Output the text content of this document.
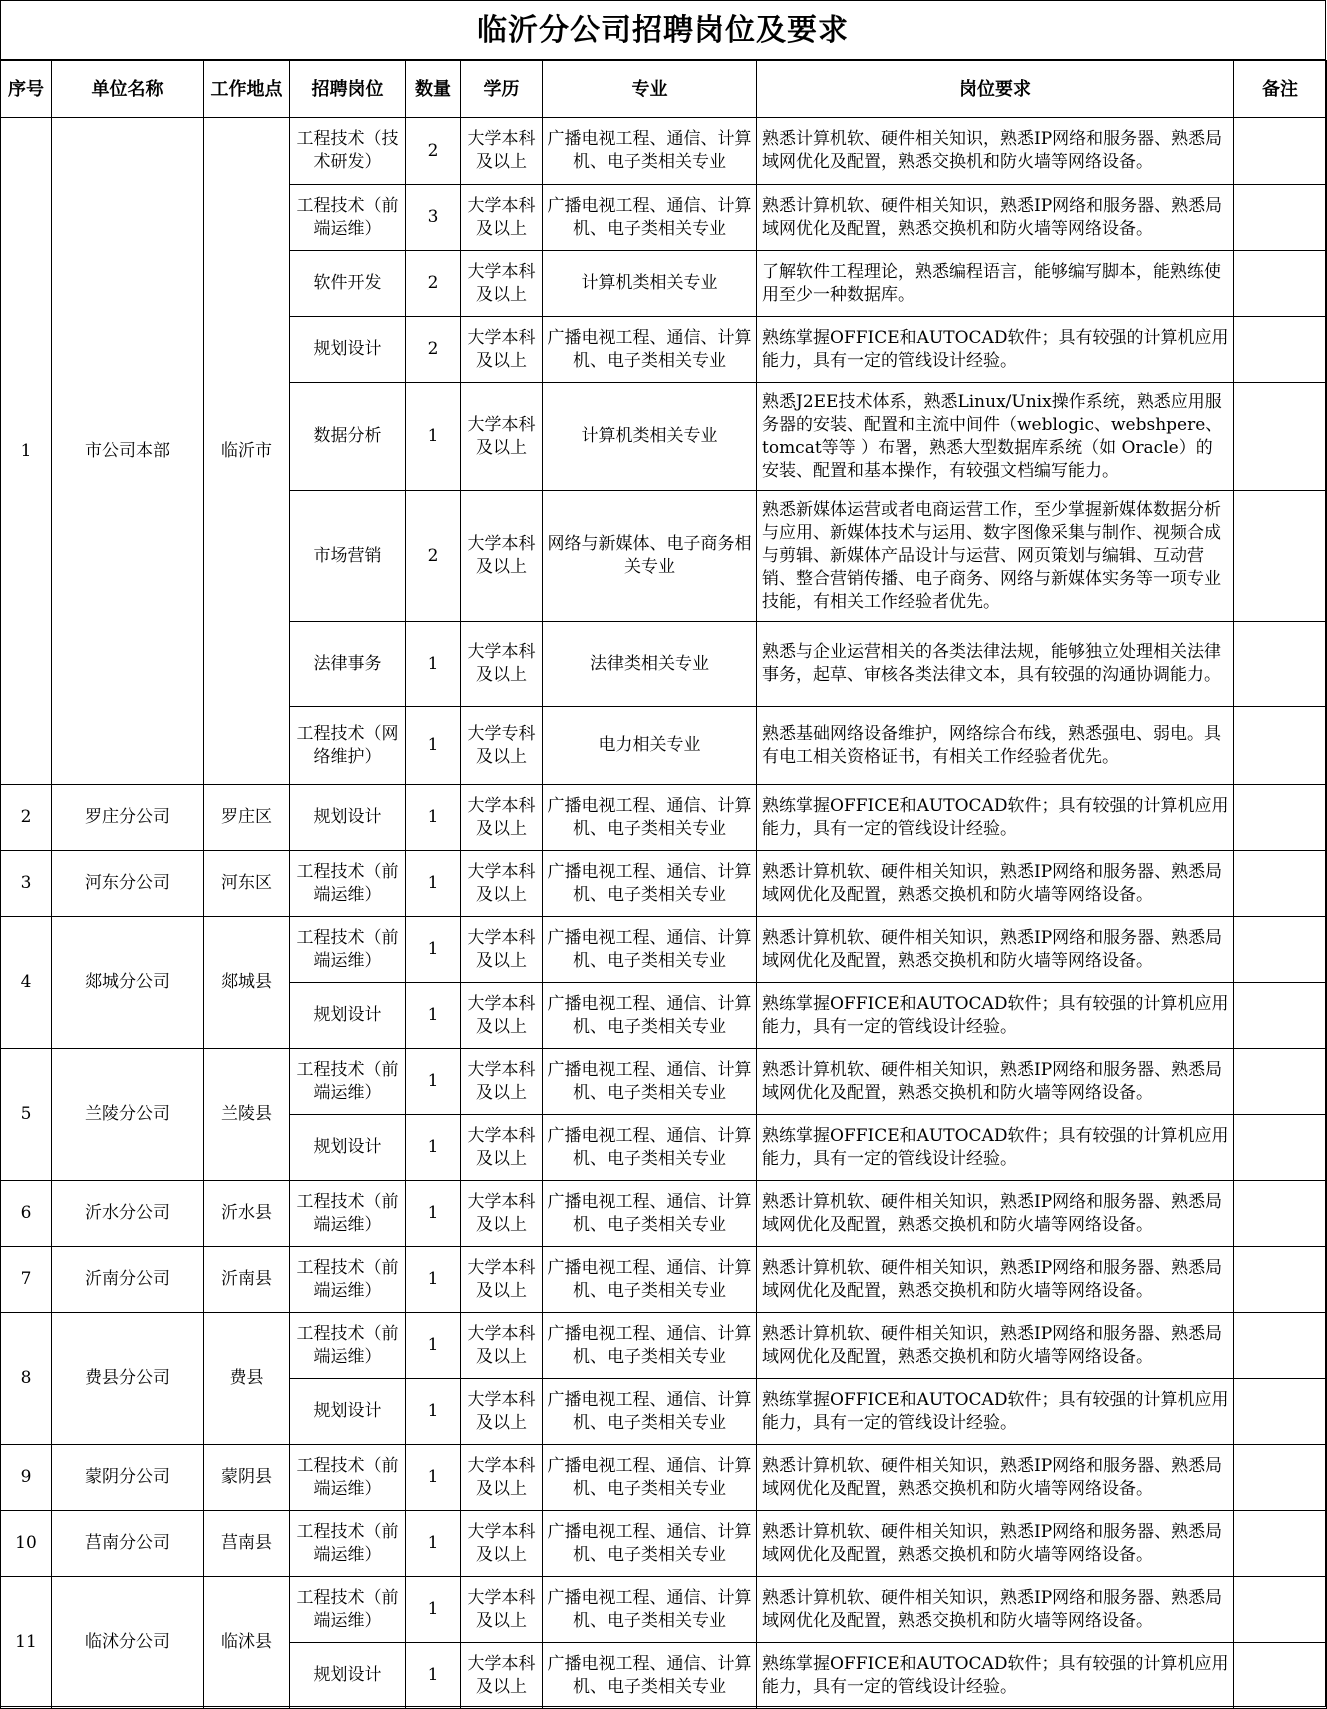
临沂分公司招聘岗位及要求
序号	单位名称	工作地点	招聘岗位	数量	学历	专业	岗位要求	备注
1	市公司本部	临沂市	工程技术（技术研发）	2	大学本科及以上	广播电视工程、通信、计算机、电子类相关专业	熟悉计算机软、硬件相关知识，熟悉IP网络和服务器、熟悉局域网优化及配置，熟悉交换机和防火墙等网络设备。	
			工程技术（前端运维）	3	大学本科及以上	广播电视工程、通信、计算机、电子类相关专业	熟悉计算机软、硬件相关知识，熟悉IP网络和服务器、熟悉局域网优化及配置，熟悉交换机和防火墙等网络设备。	
			软件开发	2	大学本科及以上	计算机类相关专业	了解软件工程理论，熟悉编程语言，能够编写脚本，能熟练使用至少一种数据库。	
			规划设计	2	大学本科及以上	广播电视工程、通信、计算机、电子类相关专业	熟练掌握OFFICE和AUTOCAD软件；具有较强的计算机应用能力，具有一定的管线设计经验。	
			数据分析	1	大学本科及以上	计算机类相关专业	熟悉J2EE技术体系，熟悉Linux/Unix操作系统，熟悉应用服务器的安装、配置和主流中间件（weblogic、webshpere、tomcat等等 ）布署，熟悉大型数据库系统（如 Oracle）的安装、配置和基本操作，有较强文档编写能力。	
			市场营销	2	大学本科及以上	网络与新媒体、电子商务相关专业	熟悉新媒体运营或者电商运营工作，至少掌握新媒体数据分析与应用、新媒体技术与运用、数字图像采集与制作、视频合成与剪辑、新媒体产品设计与运营、网页策划与编辑、互动营销、整合营销传播、电子商务、网络与新媒体实务等一项专业技能，有相关工作经验者优先。	
			法律事务	1	大学本科及以上	法律类相关专业	熟悉与企业运营相关的各类法律法规，能够独立处理相关法律事务，起草、审核各类法律文本，具有较强的沟通协调能力。	
			工程技术（网络维护）	1	大学专科及以上	电力相关专业	熟悉基础网络设备维护，网络综合布线，熟悉强电、弱电。具有电工相关资格证书，有相关工作经验者优先。	
2	罗庄分公司	罗庄区	规划设计	1	大学本科及以上	广播电视工程、通信、计算机、电子类相关专业	熟练掌握OFFICE和AUTOCAD软件；具有较强的计算机应用能力，具有一定的管线设计经验。	
3	河东分公司	河东区	工程技术（前端运维）	1	大学本科及以上	广播电视工程、通信、计算机、电子类相关专业	熟悉计算机软、硬件相关知识，熟悉IP网络和服务器、熟悉局域网优化及配置，熟悉交换机和防火墙等网络设备。	
4	郯城分公司	郯城县	工程技术（前端运维）	1	大学本科及以上	广播电视工程、通信、计算机、电子类相关专业	熟悉计算机软、硬件相关知识，熟悉IP网络和服务器、熟悉局域网优化及配置，熟悉交换机和防火墙等网络设备。	
			规划设计	1	大学本科及以上	广播电视工程、通信、计算机、电子类相关专业	熟练掌握OFFICE和AUTOCAD软件；具有较强的计算机应用能力，具有一定的管线设计经验。	
5	兰陵分公司	兰陵县	工程技术（前端运维）	1	大学本科及以上	广播电视工程、通信、计算机、电子类相关专业	熟悉计算机软、硬件相关知识，熟悉IP网络和服务器、熟悉局域网优化及配置，熟悉交换机和防火墙等网络设备。	
			规划设计	1	大学本科及以上	广播电视工程、通信、计算机、电子类相关专业	熟练掌握OFFICE和AUTOCAD软件；具有较强的计算机应用能力，具有一定的管线设计经验。	
6	沂水分公司	沂水县	工程技术（前端运维）	1	大学本科及以上	广播电视工程、通信、计算机、电子类相关专业	熟悉计算机软、硬件相关知识，熟悉IP网络和服务器、熟悉局域网优化及配置，熟悉交换机和防火墙等网络设备。	
7	沂南分公司	沂南县	工程技术（前端运维）	1	大学本科及以上	广播电视工程、通信、计算机、电子类相关专业	熟悉计算机软、硬件相关知识，熟悉IP网络和服务器、熟悉局域网优化及配置，熟悉交换机和防火墙等网络设备。	
8	费县分公司	费县	工程技术（前端运维）	1	大学本科及以上	广播电视工程、通信、计算机、电子类相关专业	熟悉计算机软、硬件相关知识，熟悉IP网络和服务器、熟悉局域网优化及配置，熟悉交换机和防火墙等网络设备。	
			规划设计	1	大学本科及以上	广播电视工程、通信、计算机、电子类相关专业	熟练掌握OFFICE和AUTOCAD软件；具有较强的计算机应用能力，具有一定的管线设计经验。	
9	蒙阴分公司	蒙阴县	工程技术（前端运维）	1	大学本科及以上	广播电视工程、通信、计算机、电子类相关专业	熟悉计算机软、硬件相关知识，熟悉IP网络和服务器、熟悉局域网优化及配置，熟悉交换机和防火墙等网络设备。	
10	莒南分公司	莒南县	工程技术（前端运维）	1	大学本科及以上	广播电视工程、通信、计算机、电子类相关专业	熟悉计算机软、硬件相关知识，熟悉IP网络和服务器、熟悉局域网优化及配置，熟悉交换机和防火墙等网络设备。	
11	临沭分公司	临沭县	工程技术（前端运维）	1	大学本科及以上	广播电视工程、通信、计算机、电子类相关专业	熟悉计算机软、硬件相关知识，熟悉IP网络和服务器、熟悉局域网优化及配置，熟悉交换机和防火墙等网络设备。	
			规划设计	1	大学本科及以上	广播电视工程、通信、计算机、电子类相关专业	熟练掌握OFFICE和AUTOCAD软件；具有较强的计算机应用能力，具有一定的管线设计经验。	
